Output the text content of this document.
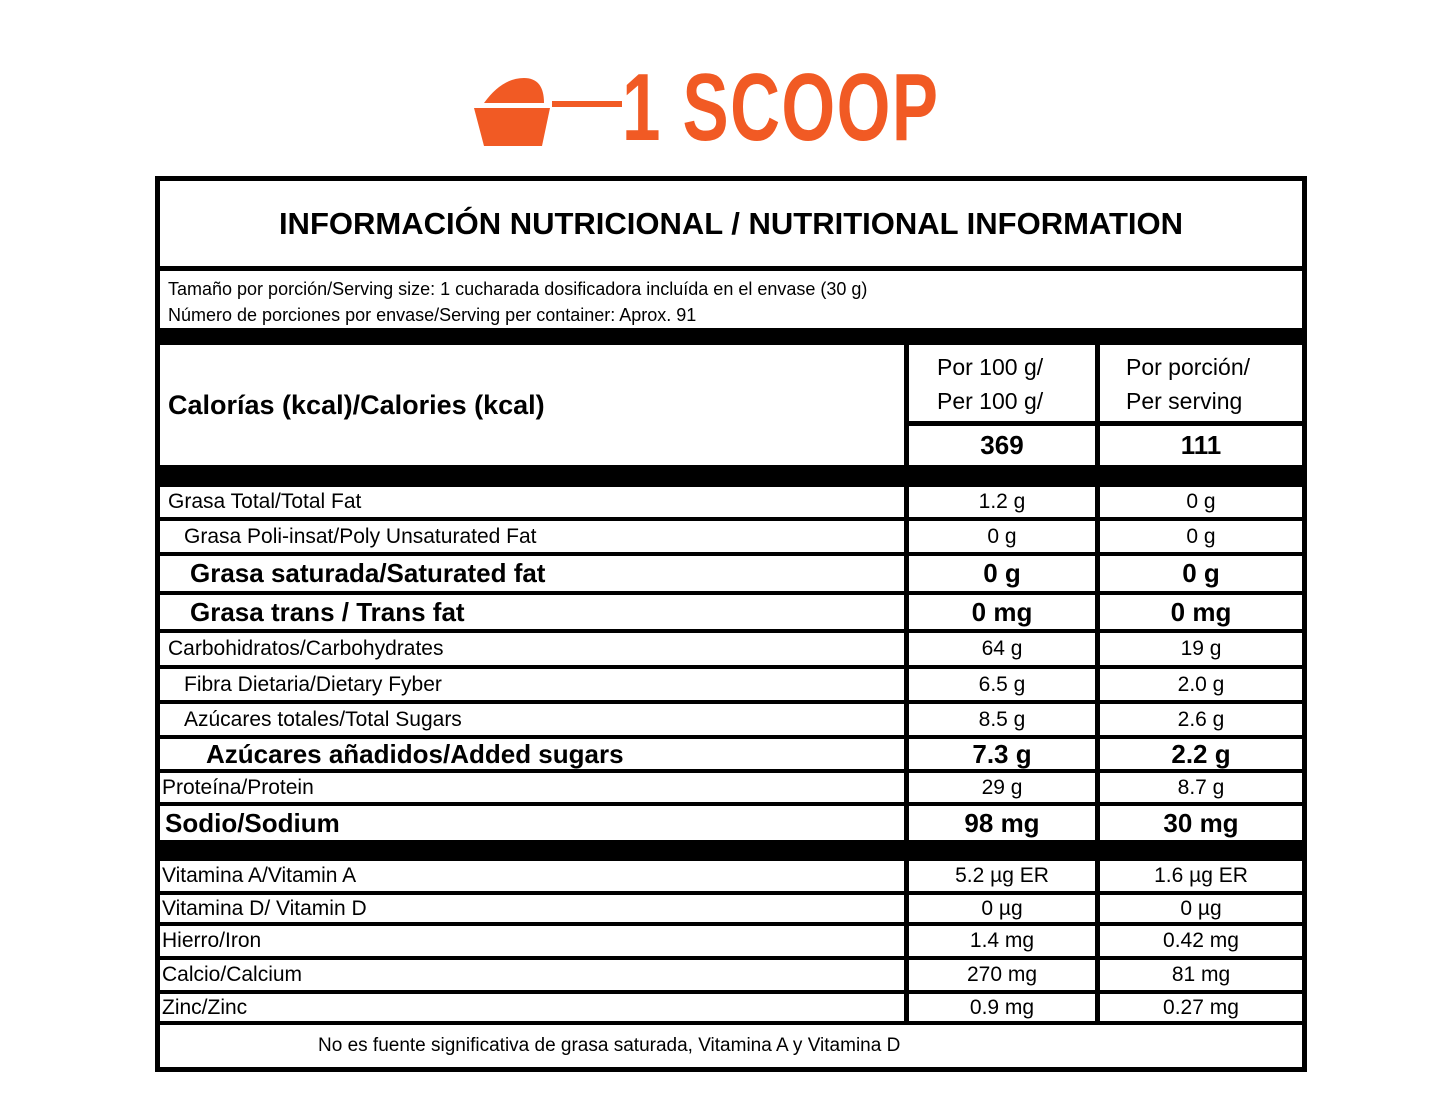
1 SCOOP
INFORMACIÓN NUTRICIONAL / NUTRITIONAL INFORMATION
Tamaño por porción/Serving size: 1 cucharada dosificadora incluída en el envase (30 g)
Número de porciones por envase/Serving per container: Aprox. 91
Calorías (kcal)/Calories (kcal)
Por 100 g/
Per 100 g/
Por porción/
Per serving
369	111
Grasa Total/Total Fat	1.2 g	0 g
Grasa Poli-insat/Poly Unsaturated Fat	0 g	0 g
Grasa saturada/Saturated fat	0 g	0 g
Grasa trans / Trans fat	0 mg	0 mg
Carbohidratos/Carbohydrates	64 g	19 g
Fibra Dietaria/Dietary Fyber	6.5 g	2.0 g
Azúcares totales/Total Sugars	8.5 g	2.6 g
Azúcares añadidos/Added sugars	7.3 g	2.2 g
Proteína/Protein	29 g	8.7 g
Sodio/Sodium	98 mg	30 mg
Vitamina A/Vitamin A	5.2 µg ER	1.6 µg ER
Vitamina D/ Vitamin D	0 µg	0 µg
Hierro/Iron	1.4 mg	0.42 mg
Calcio/Calcium	270 mg	81 mg
Zinc/Zinc	0.9 mg	0.27 mg
No es fuente significativa de grasa saturada, Vitamina A y Vitamina D
